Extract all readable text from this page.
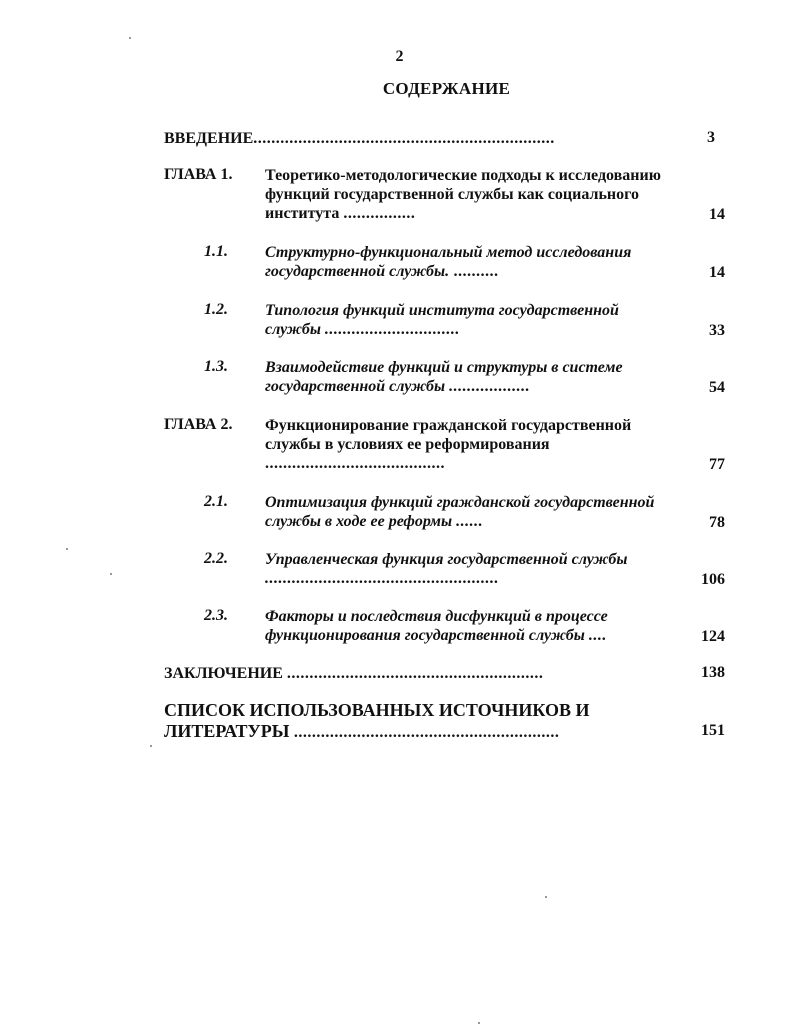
2
СОДЕРЖАНИЕ
ВВЕДЕНИЕ...................................................................	3
ГЛАВА 1. Теоретико-методологические подходы к исследованию функций государственной службы как социального института ................	14
1.1. Структурно-функциональный метод исследования государственной службы. ..........	14
1.2. Типология функций института государственной службы ..............................	33
1.3. Взаимодействие функций и структуры в системе государственной службы ..................	54
ГЛАВА 2. Функционирование гражданской государственной службы в условиях ее реформирования ........................................	77
2.1. Оптимизация функций гражданской государственной службы в ходе ее реформы ......	78
2.2. Управленческая функция государственной службы ....................................................	106
2.3. Факторы и последствия дисфункций в процессе функционирования государственной службы ....	124
ЗАКЛЮЧЕНИЕ .........................................................	138
СПИСОК ИСПОЛЬЗОВАННЫХ ИСТОЧНИКОВ И ЛИТЕРАТУРЫ ...........................................................	151
